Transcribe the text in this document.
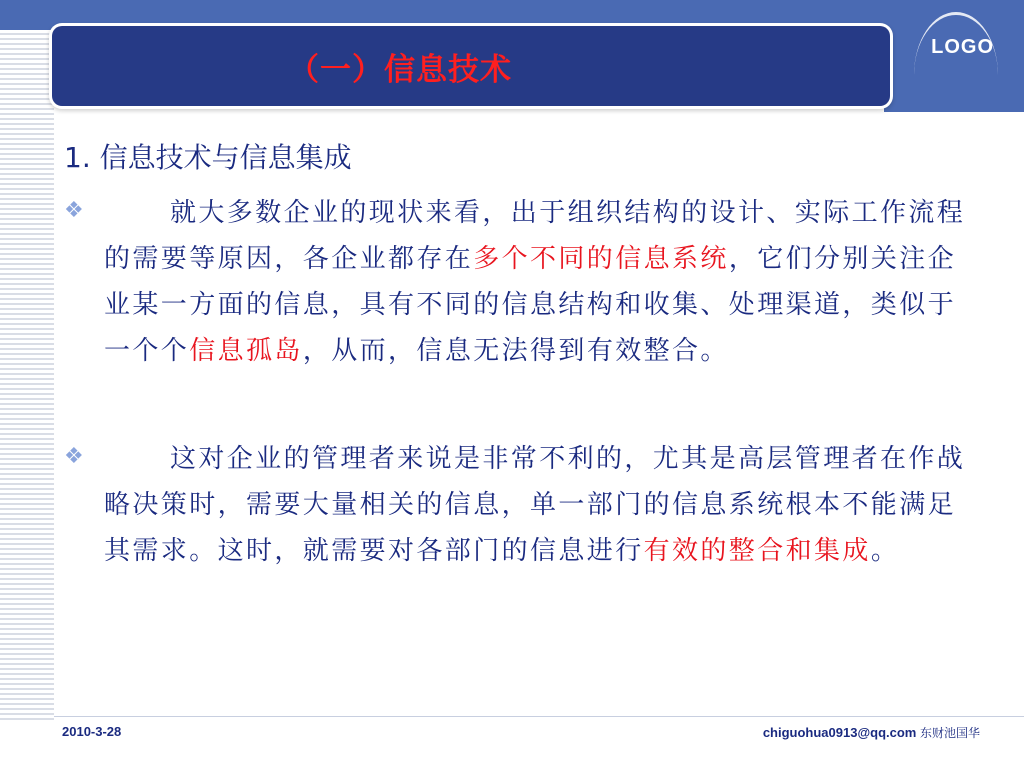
LOGO
（一）信息技术
1. 信息技术与信息集成
❖	就大多数企业的现状来看，出于组织结构的设计、实际工作流程的需要等原因，各企业都存在多个不同的信息系统，它们分别关注企业某一方面的信息，具有不同的信息结构和收集、处理渠道，类似于一个个信息孤岛，从而，信息无法得到有效整合。
❖	这对企业的管理者来说是非常不利的，尤其是高层管理者在作战略决策时，需要大量相关的信息，单一部门的信息系统根本不能满足其需求。这时，就需要对各部门的信息进行有效的整合和集成。
2010-3-28	chiguohua0913@qq.com 东财池国华
